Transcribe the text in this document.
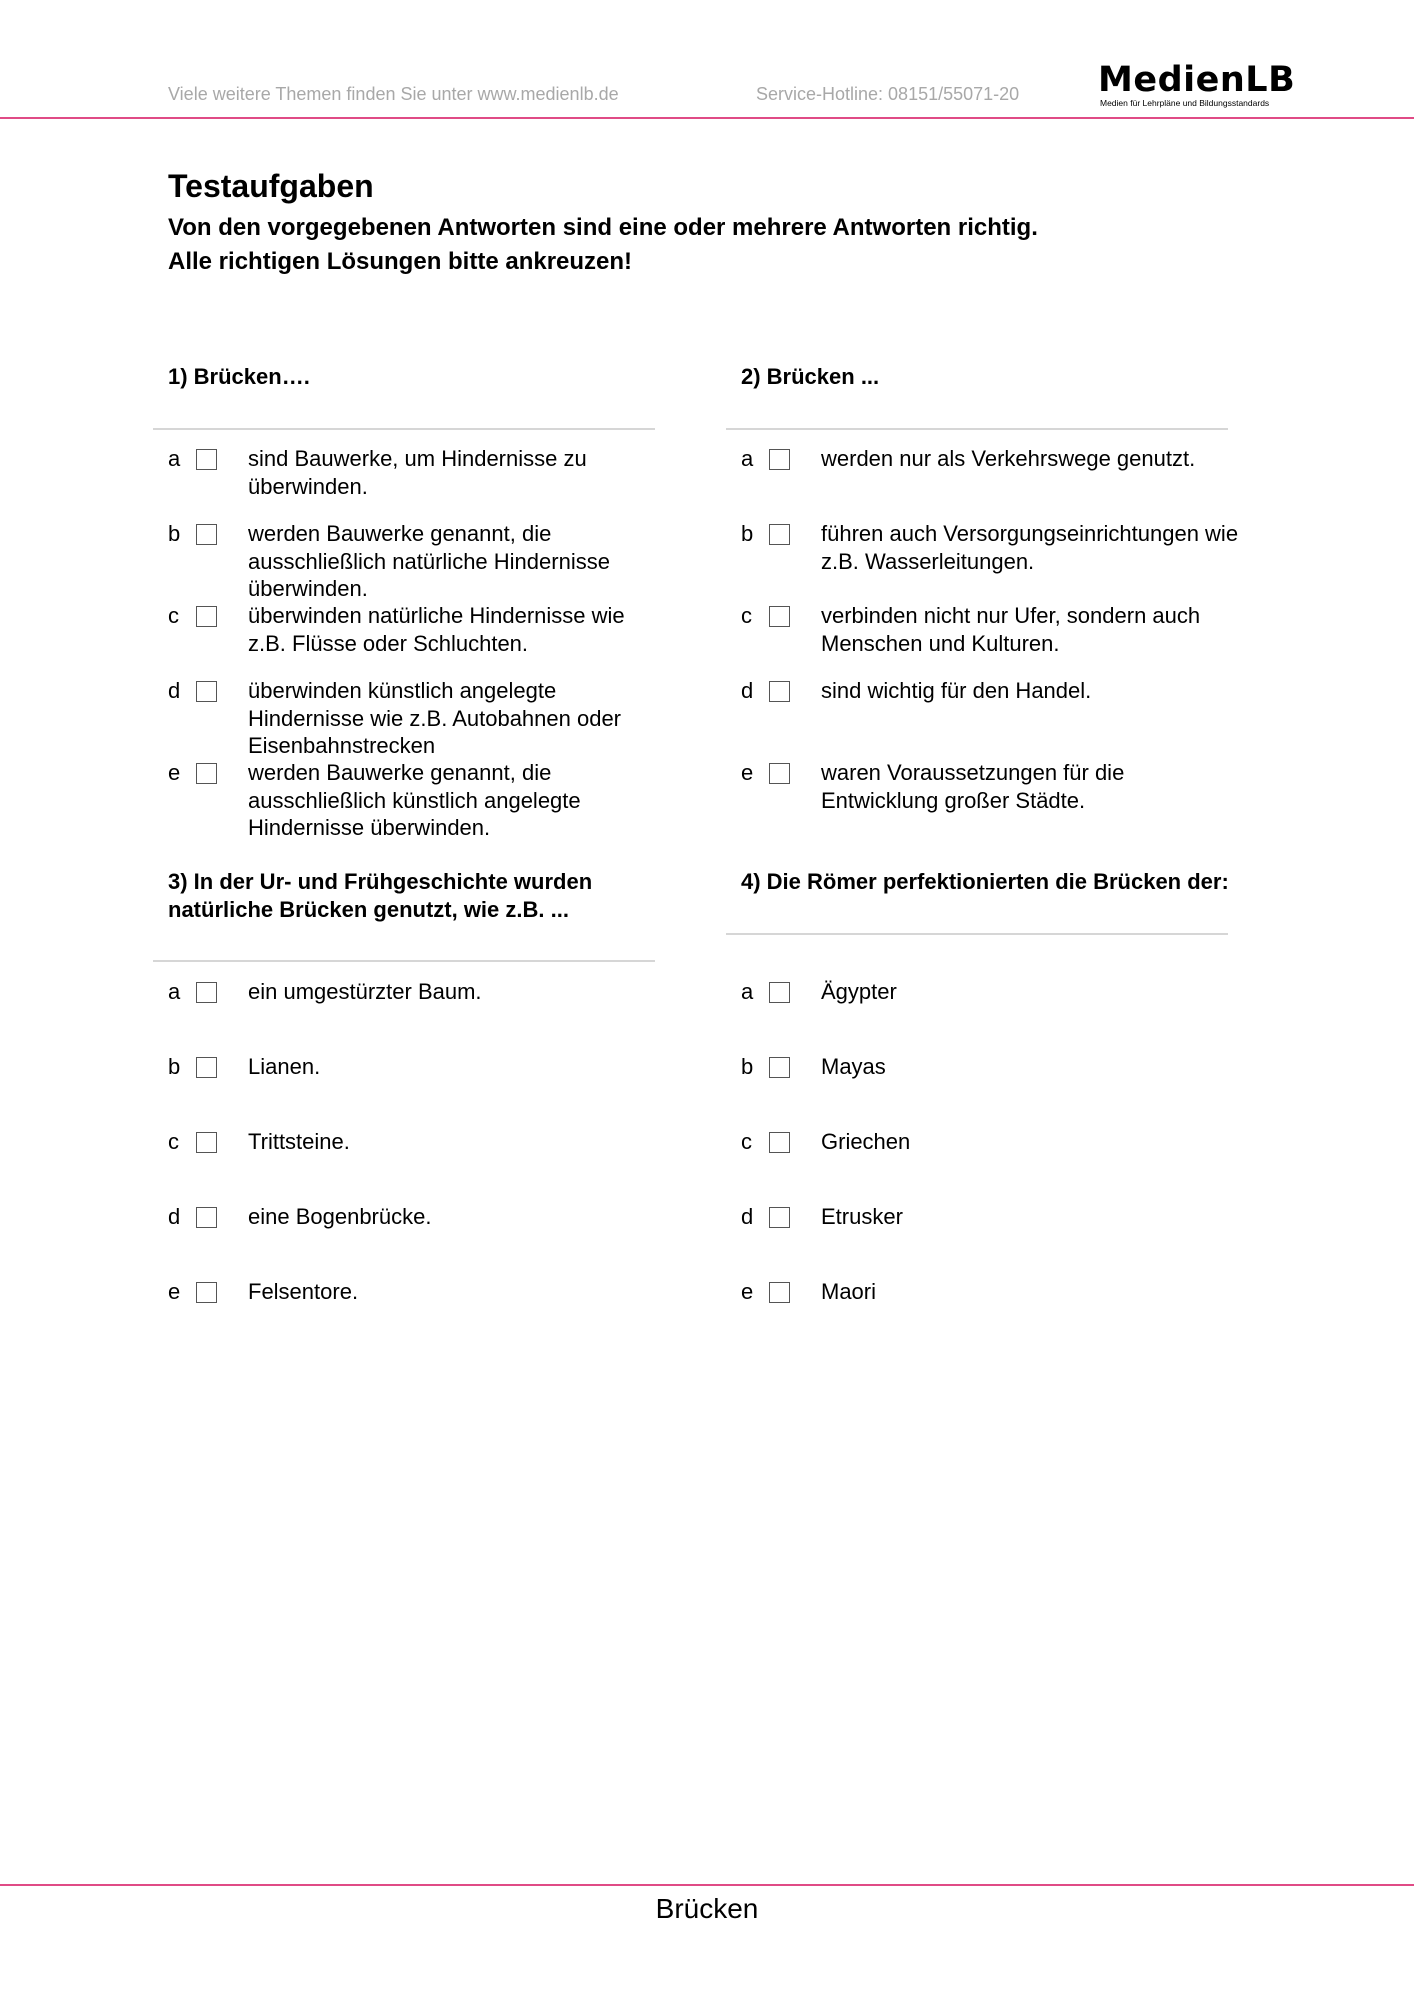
Viele weitere Themen finden Sie unter www.medienlb.de	Service-Hotline: 08151/55071-20 MedienLB
Medien für Lehrpläne und Bildungsstandards
Testaufgaben
Von den vorgegebenen Antworten sind eine oder mehrere Antworten richtig.
Alle richtigen Lösungen bitte ankreuzen!
1) Brücken….
a	sind Bauwerke, um Hindernisse zu überwinden.
b	werden Bauwerke genannt, die ausschließlich natürliche Hindernisse überwinden.
c	überwinden natürliche Hindernisse wie z.B. Flüsse oder Schluchten.
d	überwinden künstlich angelegte Hindernisse wie z.B. Autobahnen oder Eisenbahnstrecken
e	werden Bauwerke genannt, die ausschließlich künstlich angelegte Hindernisse überwinden.
2) Brücken ...
a	werden nur als Verkehrswege genutzt.
b	führen auch Versorgungseinrichtungen wie z.B. Wasserleitungen.
c	verbinden nicht nur Ufer, sondern auch Menschen und Kulturen.
d	sind wichtig für den Handel.
e	waren Voraussetzungen für die Entwicklung großer Städte.
3) In der Ur- und Frühgeschichte wurden natürliche Brücken genutzt, wie z.B. ...
a	ein umgestürzter Baum.
b	Lianen.
c	Trittsteine.
d	eine Bogenbrücke.
e	Felsentore.
4) Die Römer perfektionierten die Brücken der:
a	Ägypter
b	Mayas
c	Griechen
d	Etrusker
e	Maori
Brücken
